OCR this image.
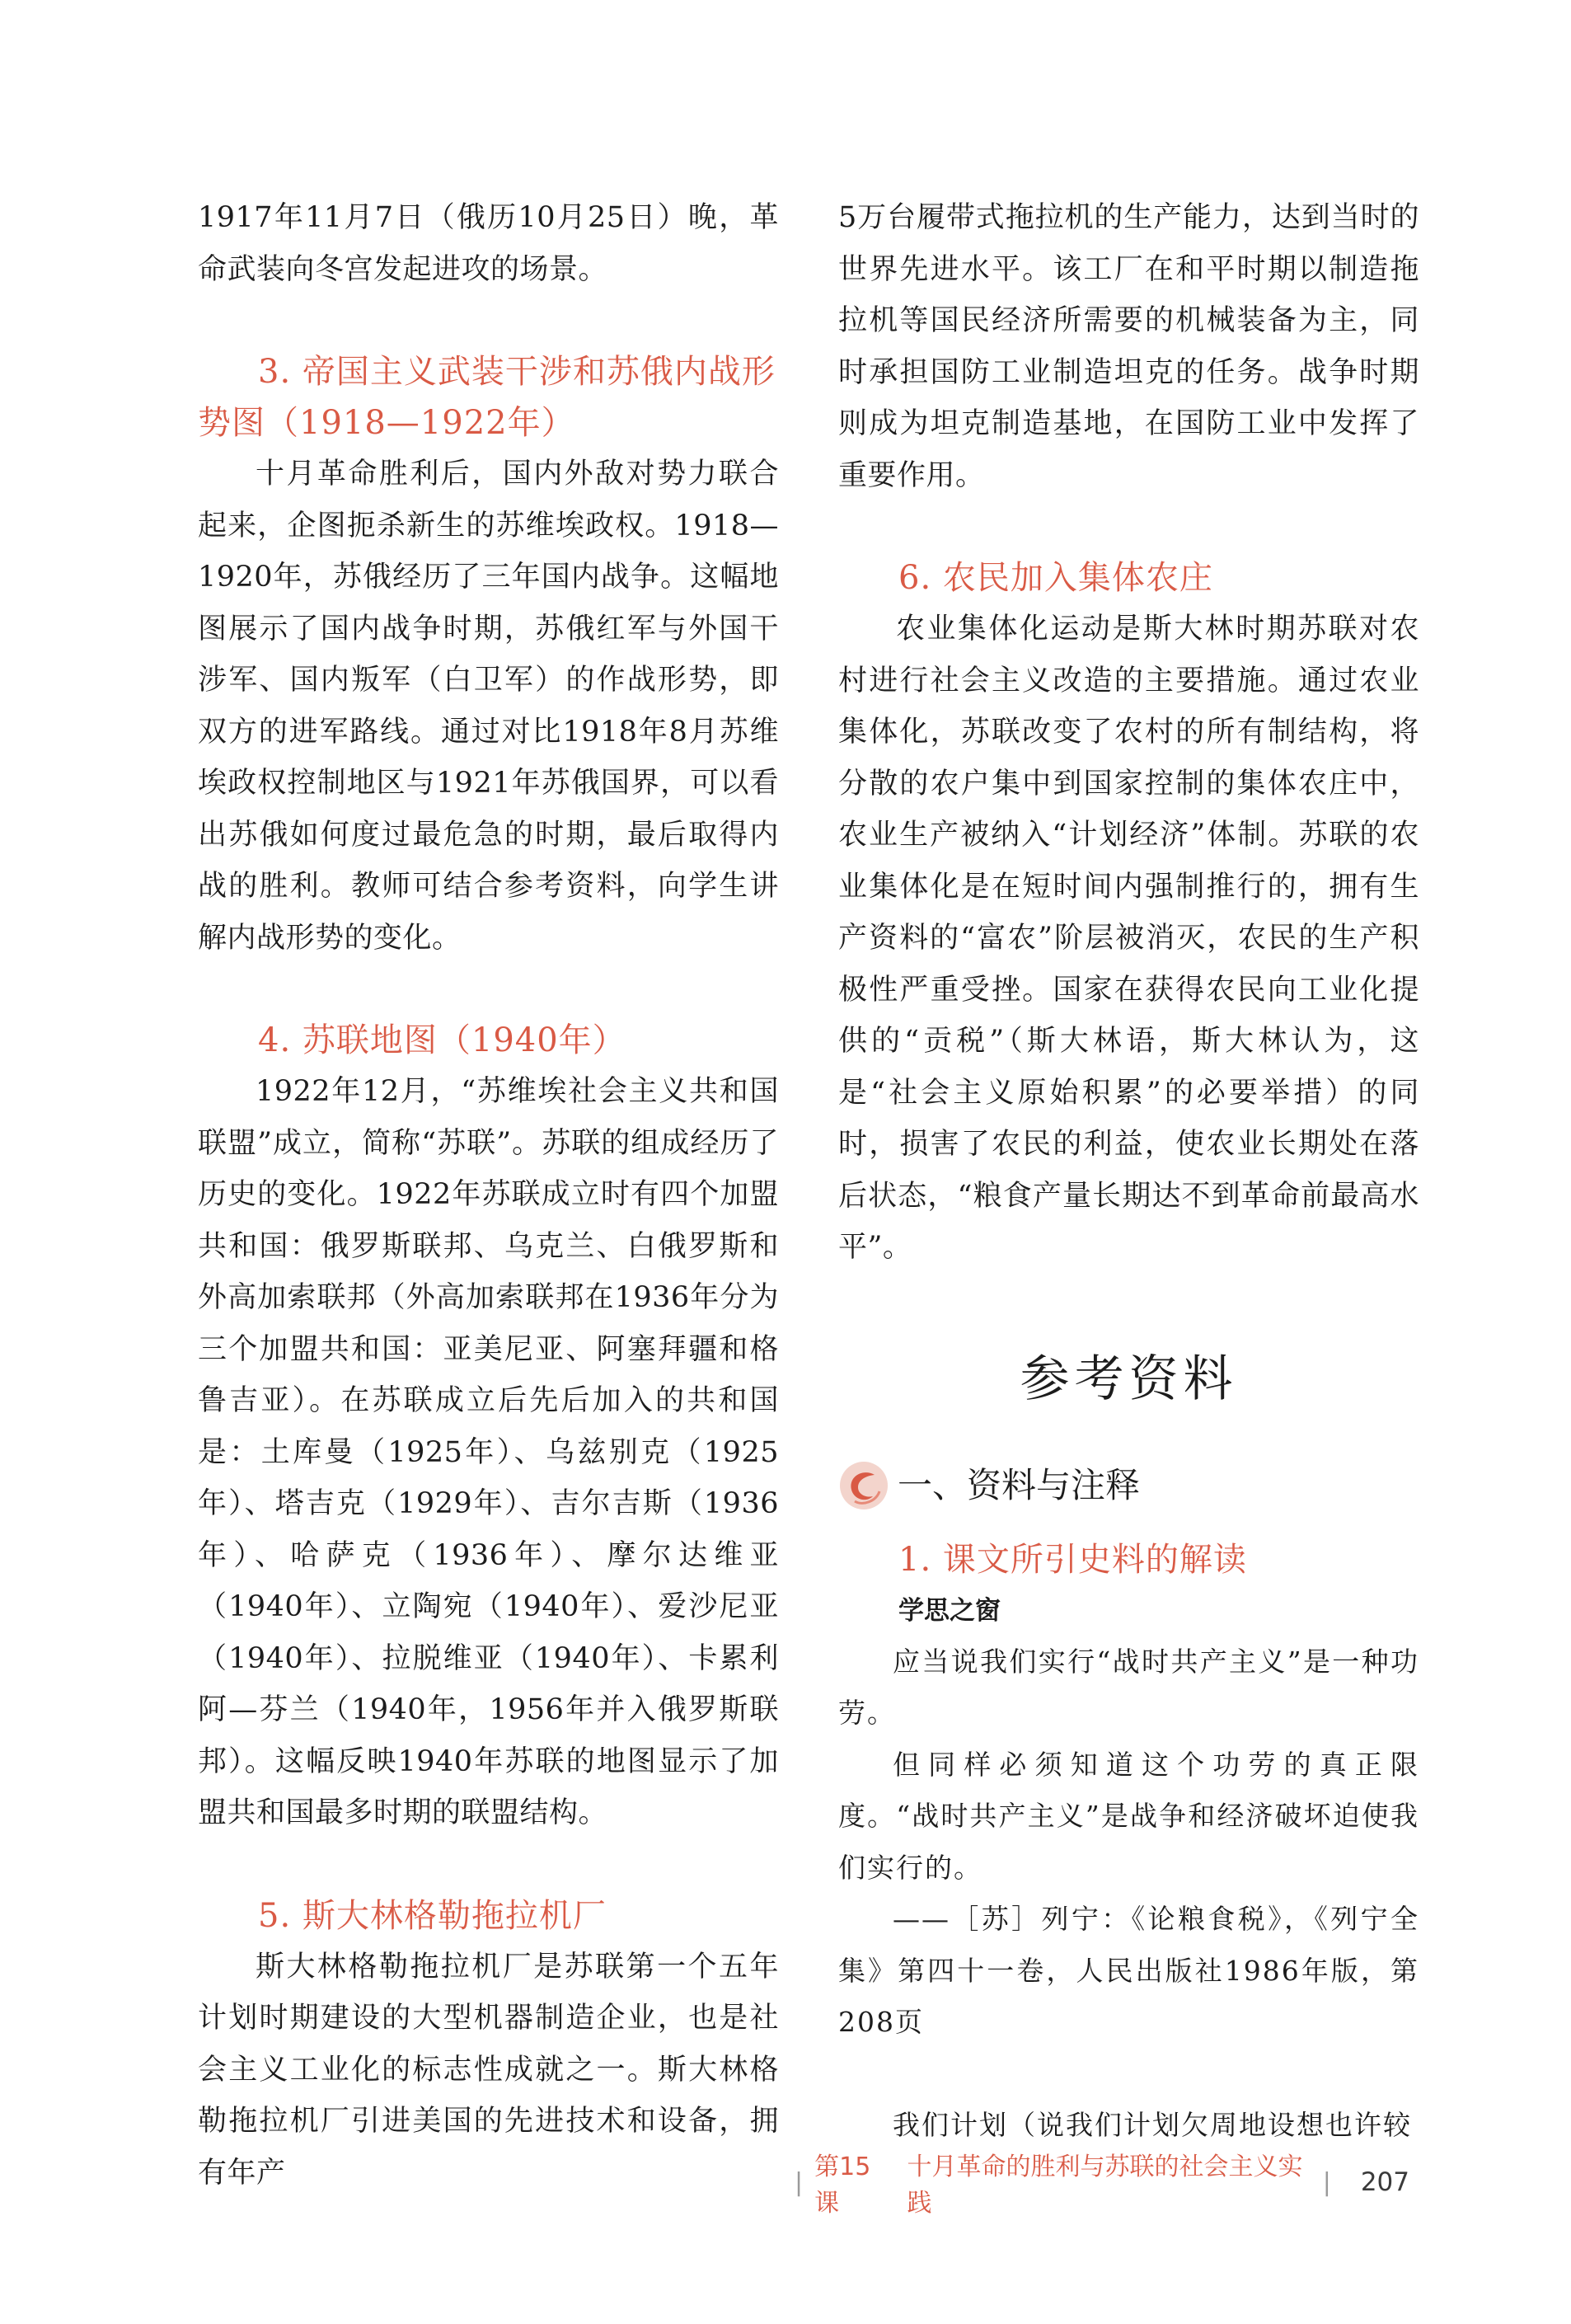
1917年11月7日（俄历10月25日）晚，革命武装向冬宫发起进攻的场景。

3. 帝国主义武装干涉和苏俄内战形势图（1918—1922年）

十月革命胜利后，国内外敌对势力联合起来，企图扼杀新生的苏维埃政权。1918—1920年，苏俄经历了三年国内战争。这幅地图展示了国内战争时期，苏俄红军与外国干涉军、国内叛军（白卫军）的作战形势，即双方的进军路线。通过对比1918年8月苏维埃政权控制地区与1921年苏俄国界，可以看出苏俄如何度过最危急的时期，最后取得内战的胜利。教师可结合参考资料，向学生讲解内战形势的变化。

4. 苏联地图（1940年）

1922年12月，“苏维埃社会主义共和国联盟”成立，简称“苏联”。苏联的组成经历了历史的变化。1922年苏联成立时有四个加盟共和国：俄罗斯联邦、乌克兰、白俄罗斯和外高加索联邦（外高加索联邦在1936年分为三个加盟共和国：亚美尼亚、阿塞拜疆和格鲁吉亚）。在苏联成立后先后加入的共和国是：土库曼（1925年）、乌兹别克（1925年）、塔吉克（1929年）、吉尔吉斯（1936年）、哈萨克（1936年）、摩尔达维亚（1940年）、立陶宛（1940年）、爱沙尼亚（1940年）、拉脱维亚（1940年）、卡累利阿—芬兰（1940年，1956年并入俄罗斯联邦）。这幅反映1940年苏联的地图显示了加盟共和国最多时期的联盟结构。

5. 斯大林格勒拖拉机厂

斯大林格勒拖拉机厂是苏联第一个五年计划时期建设的大型机器制造企业，也是社会主义工业化的标志性成就之一。斯大林格勒拖拉机厂引进美国的先进技术和设备，拥有年产

5万台履带式拖拉机的生产能力，达到当时的世界先进水平。该工厂在和平时期以制造拖拉机等国民经济所需要的机械装备为主，同时承担国防工业制造坦克的任务。战争时期则成为坦克制造基地，在国防工业中发挥了重要作用。

6. 农民加入集体农庄

农业集体化运动是斯大林时期苏联对农村进行社会主义改造的主要措施。通过农业集体化，苏联改变了农村的所有制结构，将分散的农户集中到国家控制的集体农庄中，农业生产被纳入“计划经济”体制。苏联的农业集体化是在短时间内强制推行的，拥有生产资料的“富农”阶层被消灭，农民的生产积极性严重受挫。国家在获得农民向工业化提供的“贡税”（斯大林语，斯大林认为，这是“社会主义原始积累”的必要举措）的同时，损害了农民的利益，使农业长期处在落后状态，“粮食产量长期达不到革命前最高水平”。

参考资料

一、资料与注释

1. 课文所引史料的解读

学思之窗

应当说我们实行“战时共产主义”是一种功劳。

但同样必须知道这个功劳的真正限度。“战时共产主义”是战争和经济破坏迫使我们实行的。

——［苏］列宁：《论粮食税》，《列宁全集》第四十一卷，人民出版社1986年版，第208页

我们计划（说我们计划欠周地设想也许较

|
第15课
十月革命的胜利与苏联的社会主义实践
| 207
